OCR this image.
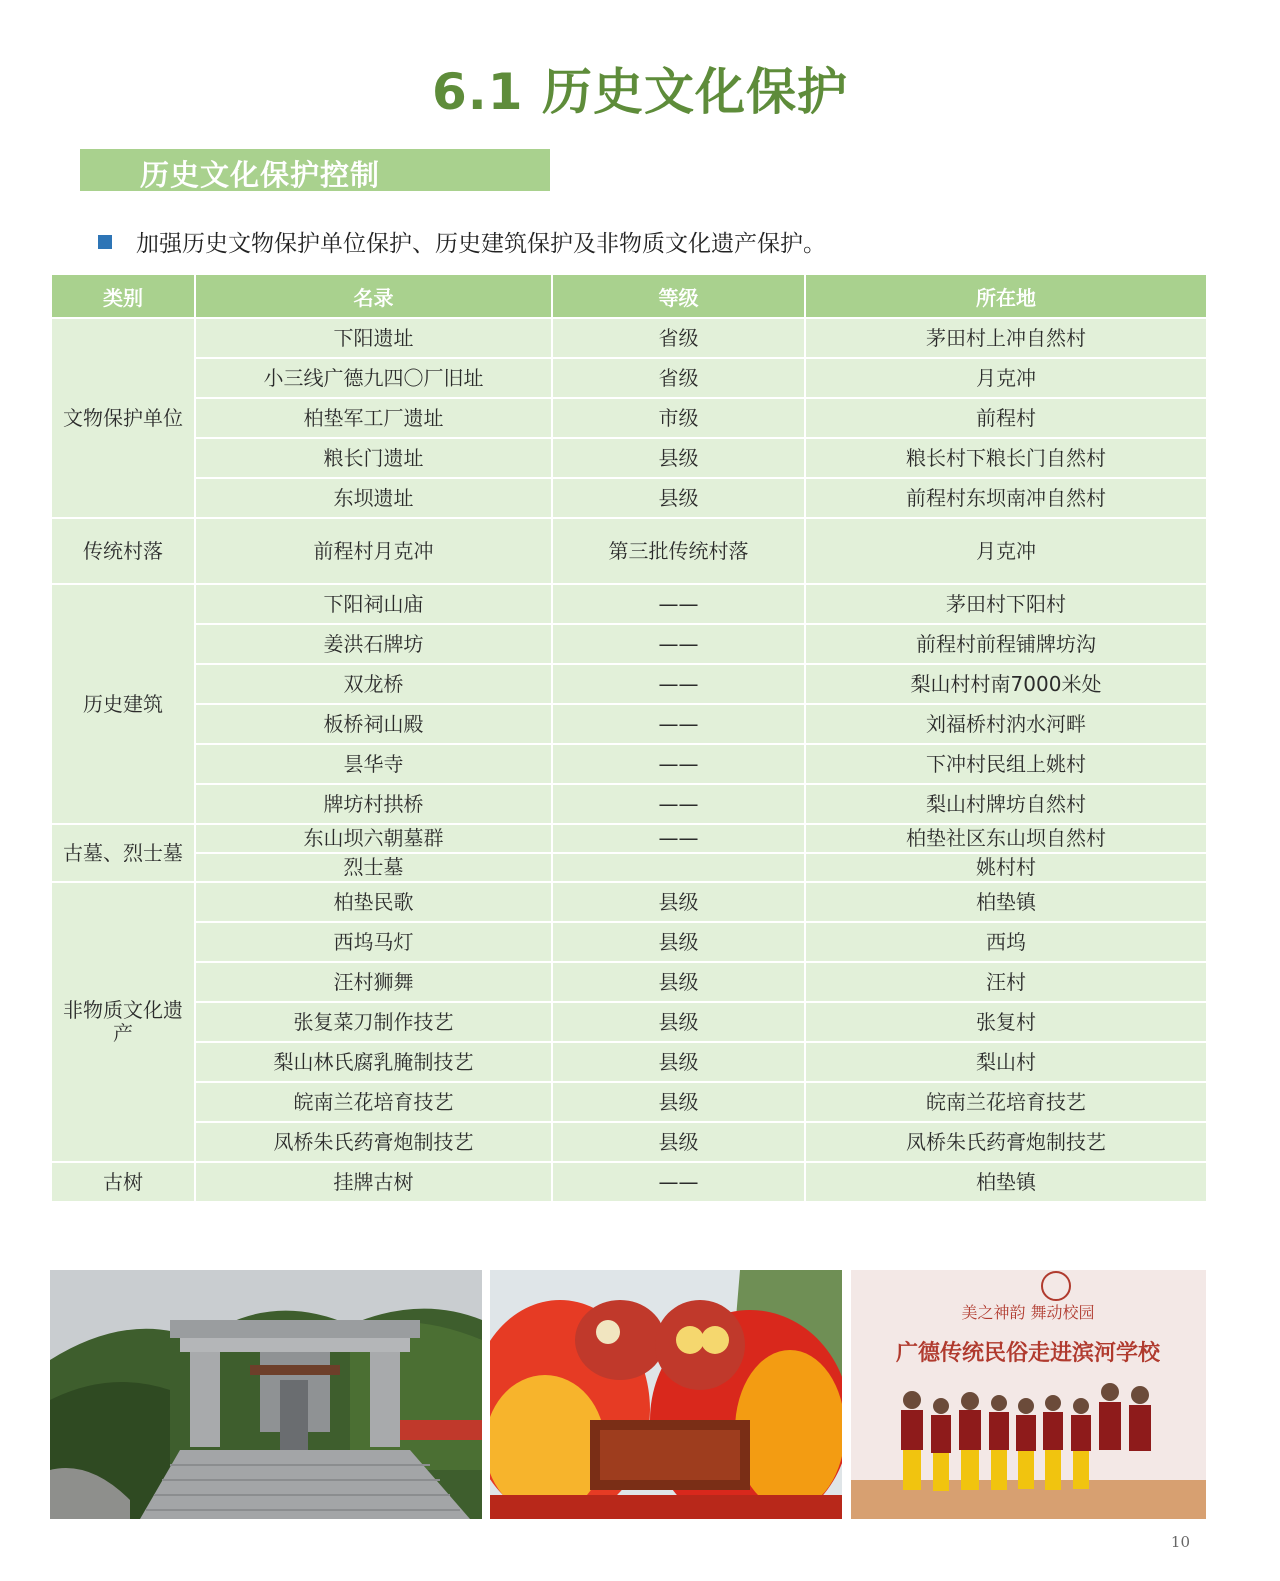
6.1 历史文化保护
历史文化保护控制
加强历史文物保护单位保护、历史建筑保护及非物质文化遗产保护。
类别	名录	等级	所在地
文物保护单位	下阳遗址	省级	茅田村上冲自然村
	小三线广德九四〇厂旧址	省级	月克冲
	柏垫军工厂遗址	市级	前程村
	粮长门遗址	县级	粮长村下粮长门自然村
	东坝遗址	县级	前程村东坝南冲自然村
传统村落	前程村月克冲	第三批传统村落	月克冲
历史建筑	下阳祠山庙	——	茅田村下阳村
	姜洪石牌坊	——	前程村前程铺牌坊沟
	双龙桥	——	梨山村村南7000米处
	板桥祠山殿	——	刘福桥村汭水河畔
	昙华寺	——	下冲村民组上姚村
	牌坊村拱桥	——	梨山村牌坊自然村
古墓、烈士墓	东山坝六朝墓群	——	柏垫社区东山坝自然村
	烈士墓		姚村村
非物质文化遗产	柏垫民歌	县级	柏垫镇
	西坞马灯	县级	西坞
	汪村狮舞	县级	汪村
	张复菜刀制作技艺	县级	张复村
	梨山林氏腐乳腌制技艺	县级	梨山村
	皖南兰花培育技艺	县级	皖南兰花培育技艺
	凤桥朱氏药膏炮制技艺	县级	凤桥朱氏药膏炮制技艺
古树	挂牌古树	——	柏垫镇
美之神韵 舞动校园
广德传统民俗走进滨河学校
10
